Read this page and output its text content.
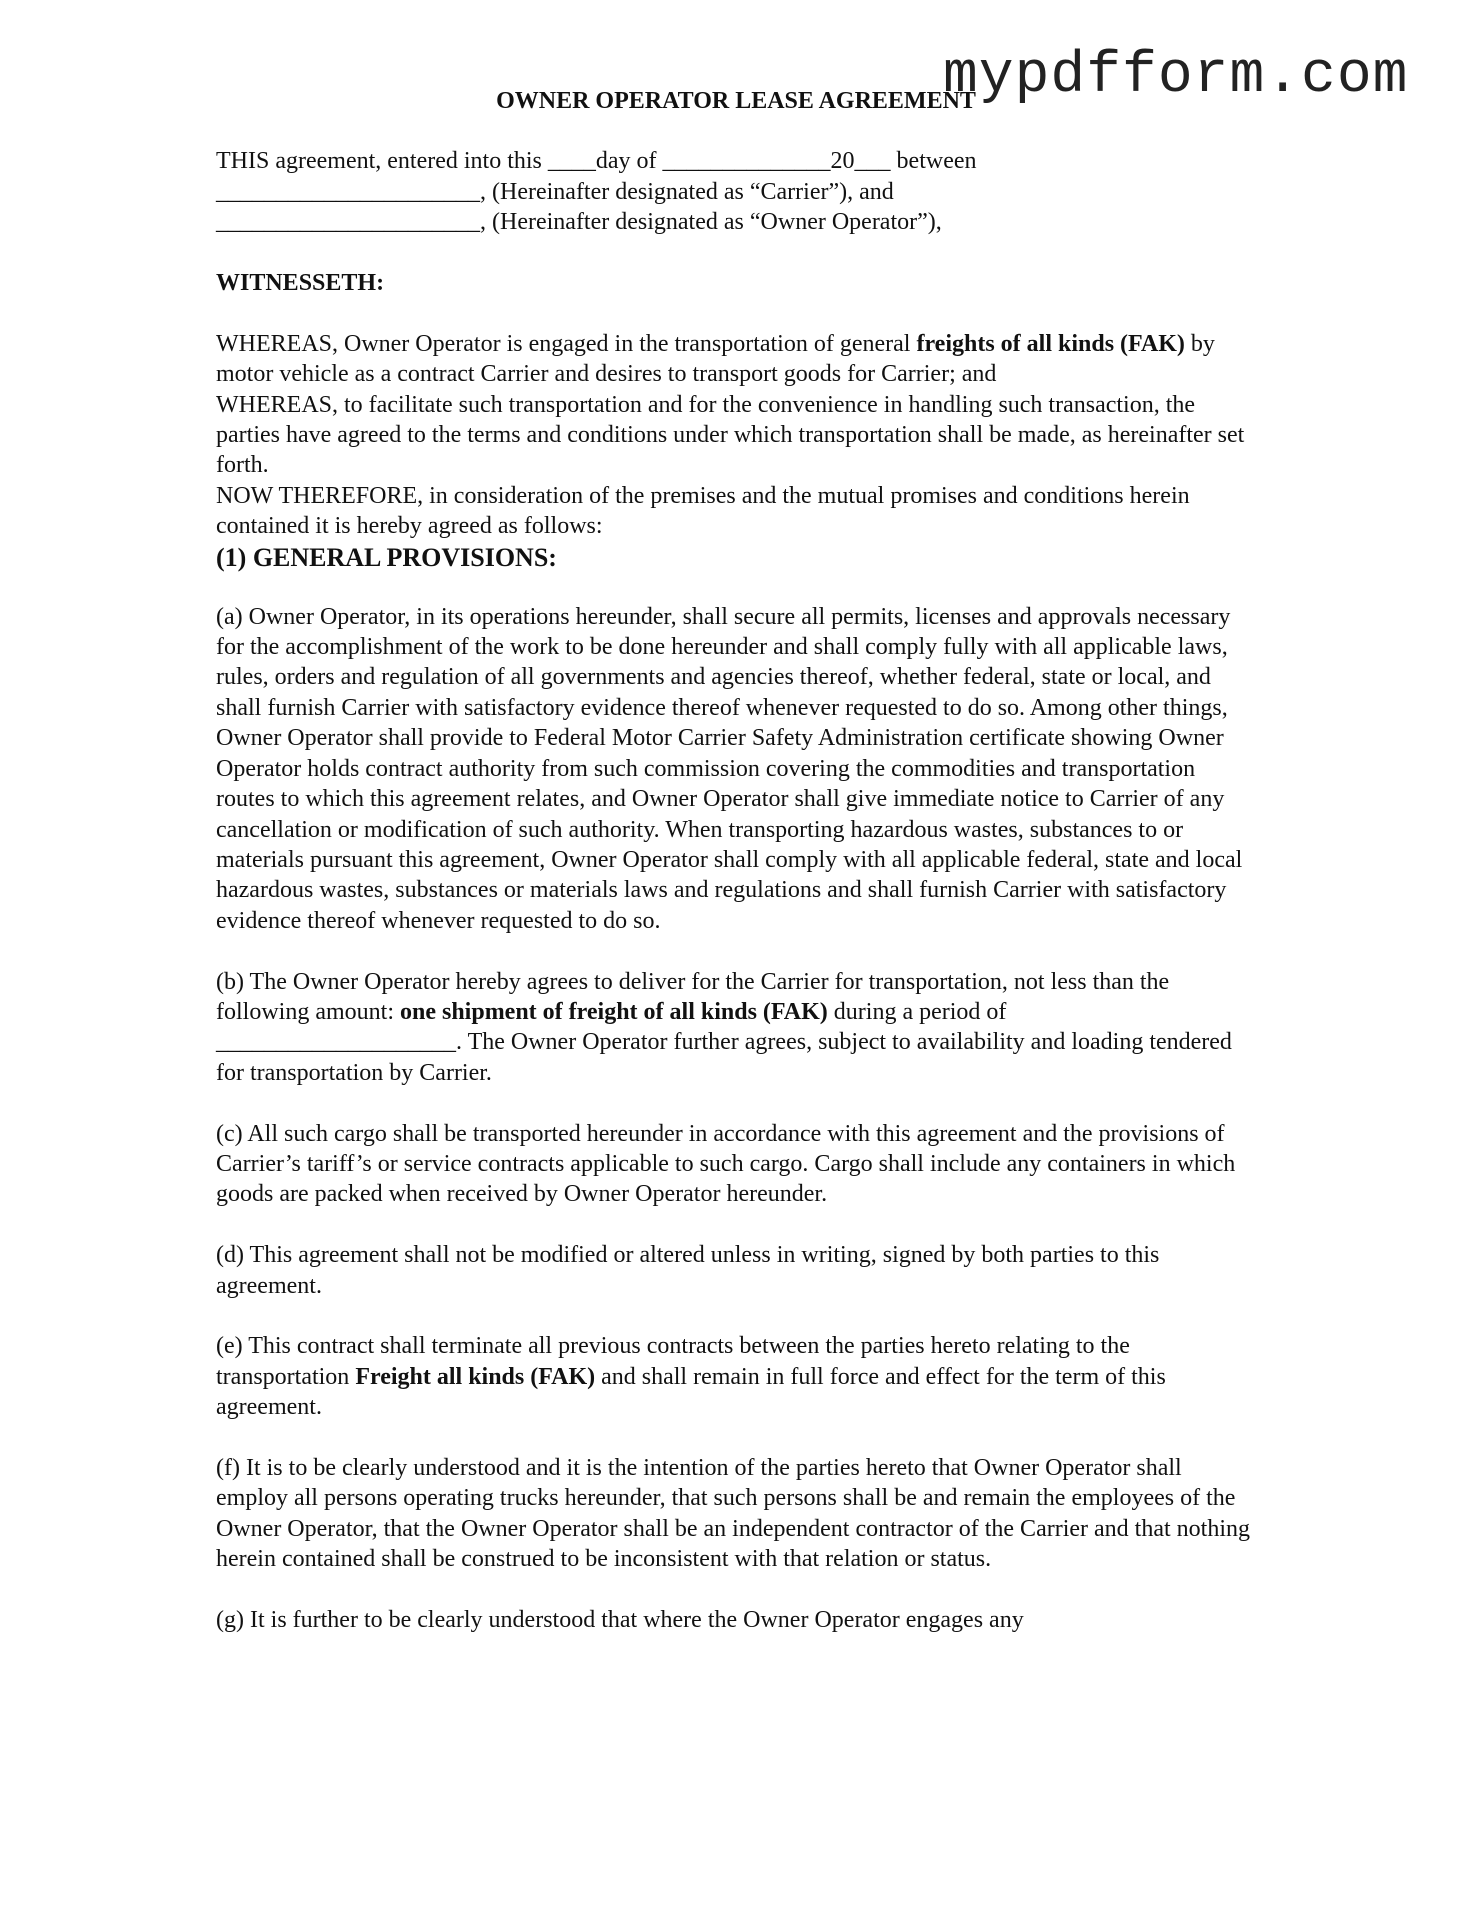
mypdfform.com
OWNER OPERATOR LEASE AGREEMENT

THIS agreement, entered into this ____day of ______________20___ between

______________________, (Hereinafter designated as “Carrier”), and

______________________, (Hereinafter designated as “Owner Operator”),

WITNESSETH:

WHEREAS, Owner Operator is engaged in the transportation of general freights of all kinds (FAK) by motor vehicle as a contract Carrier and desires to transport goods for Carrier; and

WHEREAS, to facilitate such transportation and for the convenience in handling such transaction, the parties have agreed to the terms and conditions under which transportation shall be made, as hereinafter set forth.

NOW THEREFORE, in consideration of the premises and the mutual promises and conditions herein contained it is hereby agreed as follows:

(1) GENERAL PROVISIONS:

(a) Owner Operator, in its operations hereunder, shall secure all permits, licenses and approvals necessary for the accomplishment of the work to be done hereunder and shall comply fully with all applicable laws, rules, orders and regulation of all governments and agencies thereof, whether federal, state or local, and shall furnish Carrier with satisfactory evidence thereof whenever requested to do so. Among other things, Owner Operator shall provide to Federal Motor Carrier Safety Administration certificate showing Owner Operator holds contract authority from such commission covering the commodities and transportation routes to which this agreement relates, and Owner Operator shall give immediate notice to Carrier of any cancellation or modification of such authority. When transporting hazardous wastes, substances to or materials pursuant this agreement, Owner Operator shall comply with all applicable federal, state and local hazardous wastes, substances or materials laws and regulations and shall furnish Carrier with satisfactory evidence thereof whenever requested to do so.

(b) The Owner Operator hereby agrees to deliver for the Carrier for transportation, not less than the following amount: one shipment of freight of all kinds (FAK) during a period of ____________________. The Owner Operator further agrees, subject to availability and loading tendered for transportation by Carrier.

(c) All such cargo shall be transported hereunder in accordance with this agreement and the provisions of Carrier’s tariff’s or service contracts applicable to such cargo. Cargo shall include any containers in which goods are packed when received by Owner Operator hereunder.

(d) This agreement shall not be modified or altered unless in writing, signed by both parties to this agreement.

(e) This contract shall terminate all previous contracts between the parties hereto relating to the transportation Freight all kinds (FAK) and shall remain in full force and effect for the term of this agreement.

(f) It is to be clearly understood and it is the intention of the parties hereto that Owner Operator shall employ all persons operating trucks hereunder, that such persons shall be and remain the employees of the Owner Operator, that the Owner Operator shall be an independent contractor of the Carrier and that nothing herein contained shall be construed to be inconsistent with that relation or status.

(g) It is further to be clearly understood that where the Owner Operator engages any
